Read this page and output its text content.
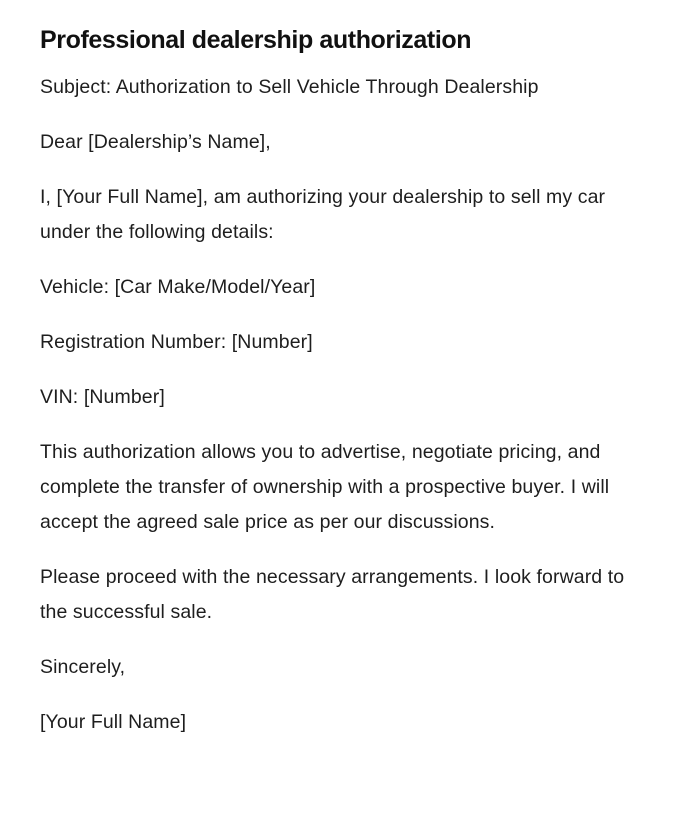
Professional dealership authorization

Subject: Authorization to Sell Vehicle Through Dealership

Dear [Dealership’s Name],

I, [Your Full Name], am authorizing your dealership to sell my car under the following details:

Vehicle: [Car Make/Model/Year]

Registration Number: [Number]

VIN: [Number]

This authorization allows you to advertise, negotiate pricing, and complete the transfer of ownership with a prospective buyer. I will accept the agreed sale price as per our discussions.

Please proceed with the necessary arrangements. I look forward to the successful sale.

Sincerely,

[Your Full Name]
